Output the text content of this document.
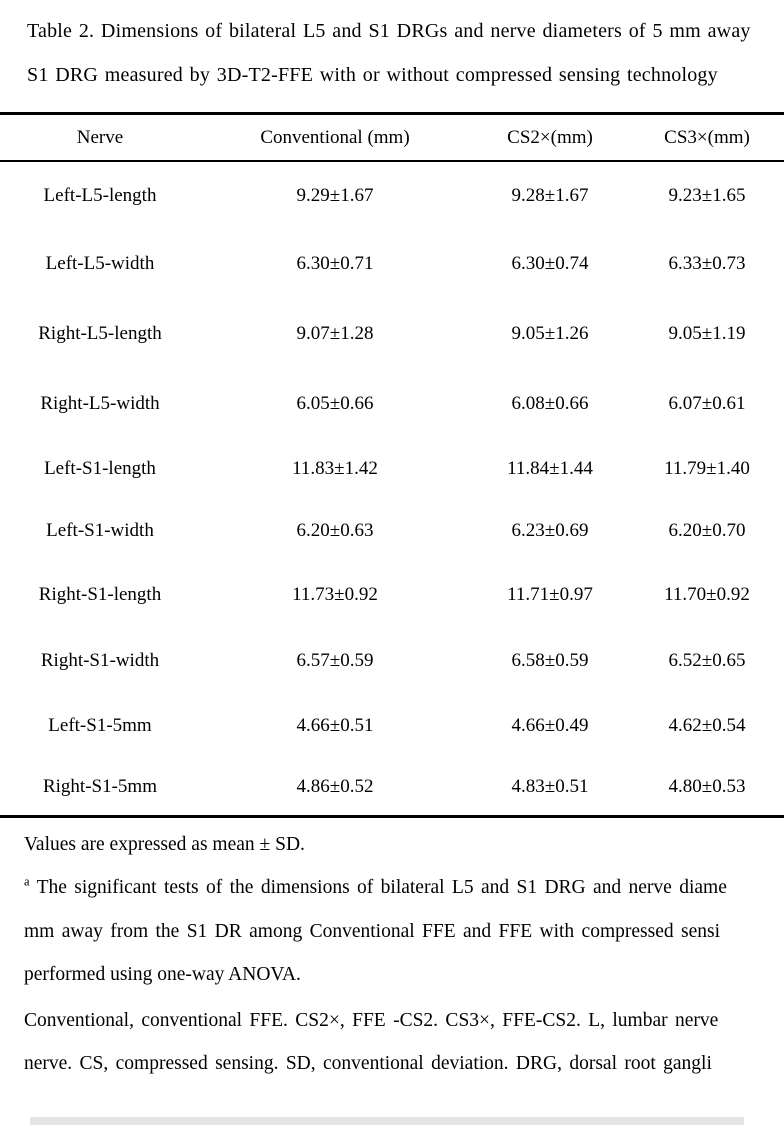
Table 2. Dimensions of bilateral L5 and S1 DRGs and nerve diameters of 5 mm away
S1 DRG measured by 3D-T2-FFE with or without compressed sensing technology
Nerve	Conventional (mm)	CS2×(mm)	CS3×(mm)
Left-L5-length	9.29±1.67	9.28±1.67	9.23±1.65
Left-L5-width	6.30±0.71	6.30±0.74	6.33±0.73
Right-L5-length	9.07±1.28	9.05±1.26	9.05±1.19
Right-L5-width	6.05±0.66	6.08±0.66	6.07±0.61
Left-S1-length	11.83±1.42	11.84±1.44	11.79±1.40
Left-S1-width	6.20±0.63	6.23±0.69	6.20±0.70
Right-S1-length	11.73±0.92	11.71±0.97	11.70±0.92
Right-S1-width	6.57±0.59	6.58±0.59	6.52±0.65
Left-S1-5mm	4.66±0.51	4.66±0.49	4.62±0.54
Right-S1-5mm	4.86±0.52	4.83±0.51	4.80±0.53
Values are expressed as mean ± SD.
$^a$ The significant tests of the dimensions of bilateral L5 and S1 DRG and nerve diame
mm away from the S1 DR among Conventional FFE and FFE with compressed sensi
performed using one-way ANOVA.
Conventional, conventional FFE. CS2×, FFE -CS2. CS3×, FFE-CS2. L, lumbar nerve
nerve. CS, compressed sensing. SD, conventional deviation. DRG, dorsal root gangli
